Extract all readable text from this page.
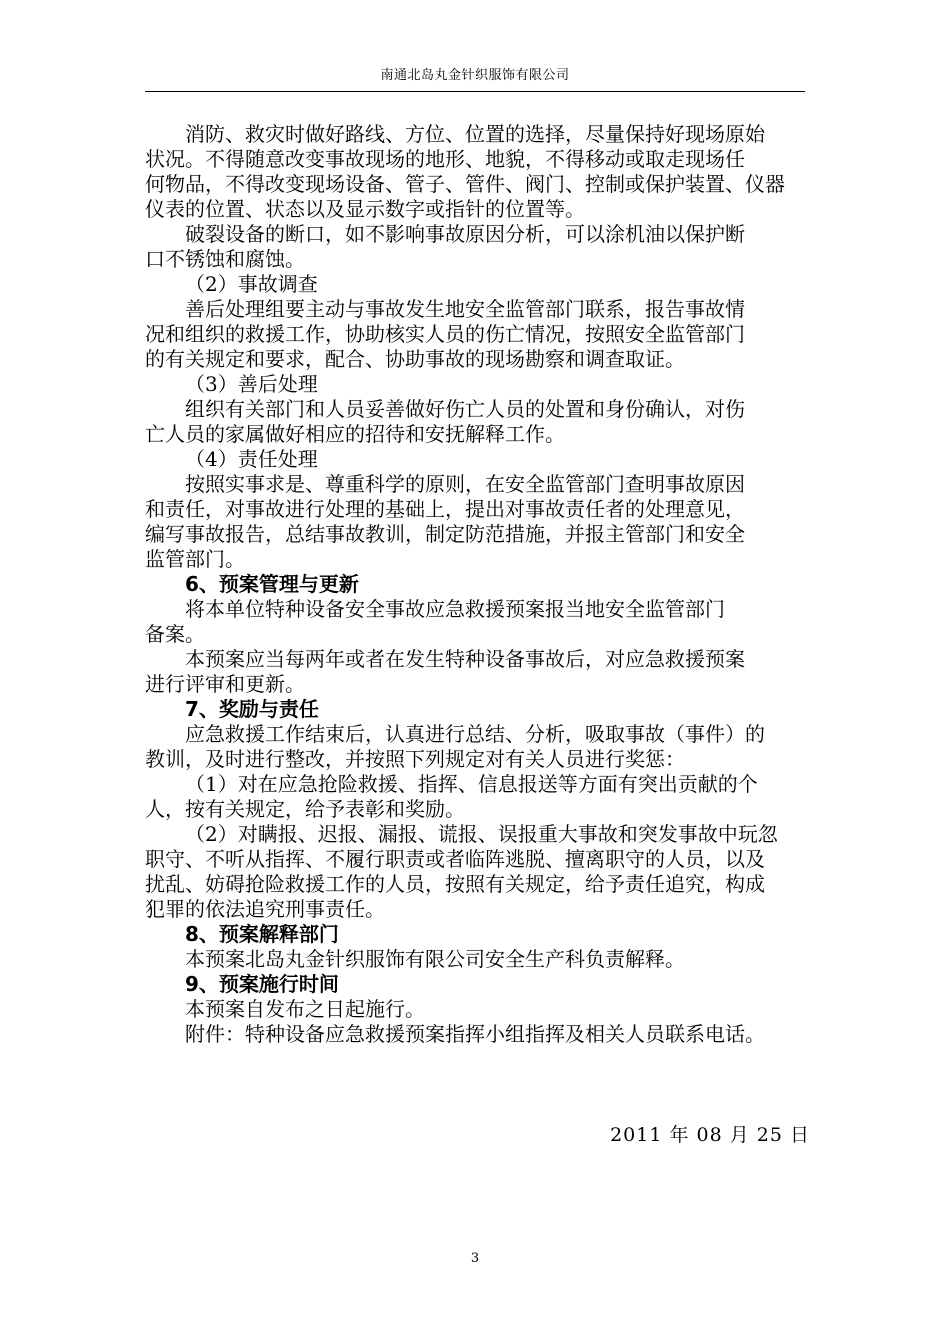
南通北岛丸金针织服饰有限公司

消防、救灾时做好路线、方位、位置的选择，尽量保持好现场原始

状况。不得随意改变事故现场的地形、地貌，不得移动或取走现场任

何物品，不得改变现场设备、管子、管件、阀门、控制或保护装置、仪器

仪表的位置、状态以及显示数字或指针的位置等。

破裂设备的断口，如不影响事故原因分析，可以涂机油以保护断

口不锈蚀和腐蚀。

（2）事故调查

善后处理组要主动与事故发生地安全监管部门联系，报告事故情

况和组织的救援工作，协助核实人员的伤亡情况，按照安全监管部门

的有关规定和要求，配合、协助事故的现场勘察和调查取证。

（3）善后处理

组织有关部门和人员妥善做好伤亡人员的处置和身份确认，对伤

亡人员的家属做好相应的招待和安抚解释工作。

（4）责任处理

按照实事求是、尊重科学的原则，在安全监管部门查明事故原因

和责任，对事故进行处理的基础上，提出对事故责任者的处理意见，

编写事故报告，总结事故教训，制定防范措施，并报主管部门和安全

监管部门。

6、预案管理与更新

将本单位特种设备安全事故应急救援预案报当地安全监管部门

备案。

本预案应当每两年或者在发生特种设备事故后，对应急救援预案

进行评审和更新。

7、奖励与责任

应急救援工作结束后，认真进行总结、分析，吸取事故（事件）的

教训，及时进行整改，并按照下列规定对有关人员进行奖惩：

（1）对在应急抢险救援、指挥、信息报送等方面有突出贡献的个

人，按有关规定，给予表彰和奖励。

（2）对瞒报、迟报、漏报、谎报、误报重大事故和突发事故中玩忽

职守、不听从指挥、不履行职责或者临阵逃脱、擅离职守的人员，以及

扰乱、妨碍抢险救援工作的人员，按照有关规定，给予责任追究，构成

犯罪的依法追究刑事责任。

8、预案解释部门

本预案北岛丸金针织服饰有限公司安全生产科负责解释。

9、预案施行时间

本预案自发布之日起施行。

附件：特种设备应急救援预案指挥小组指挥及相关人员联系电话。

2011 年 08 月 25 日
3
